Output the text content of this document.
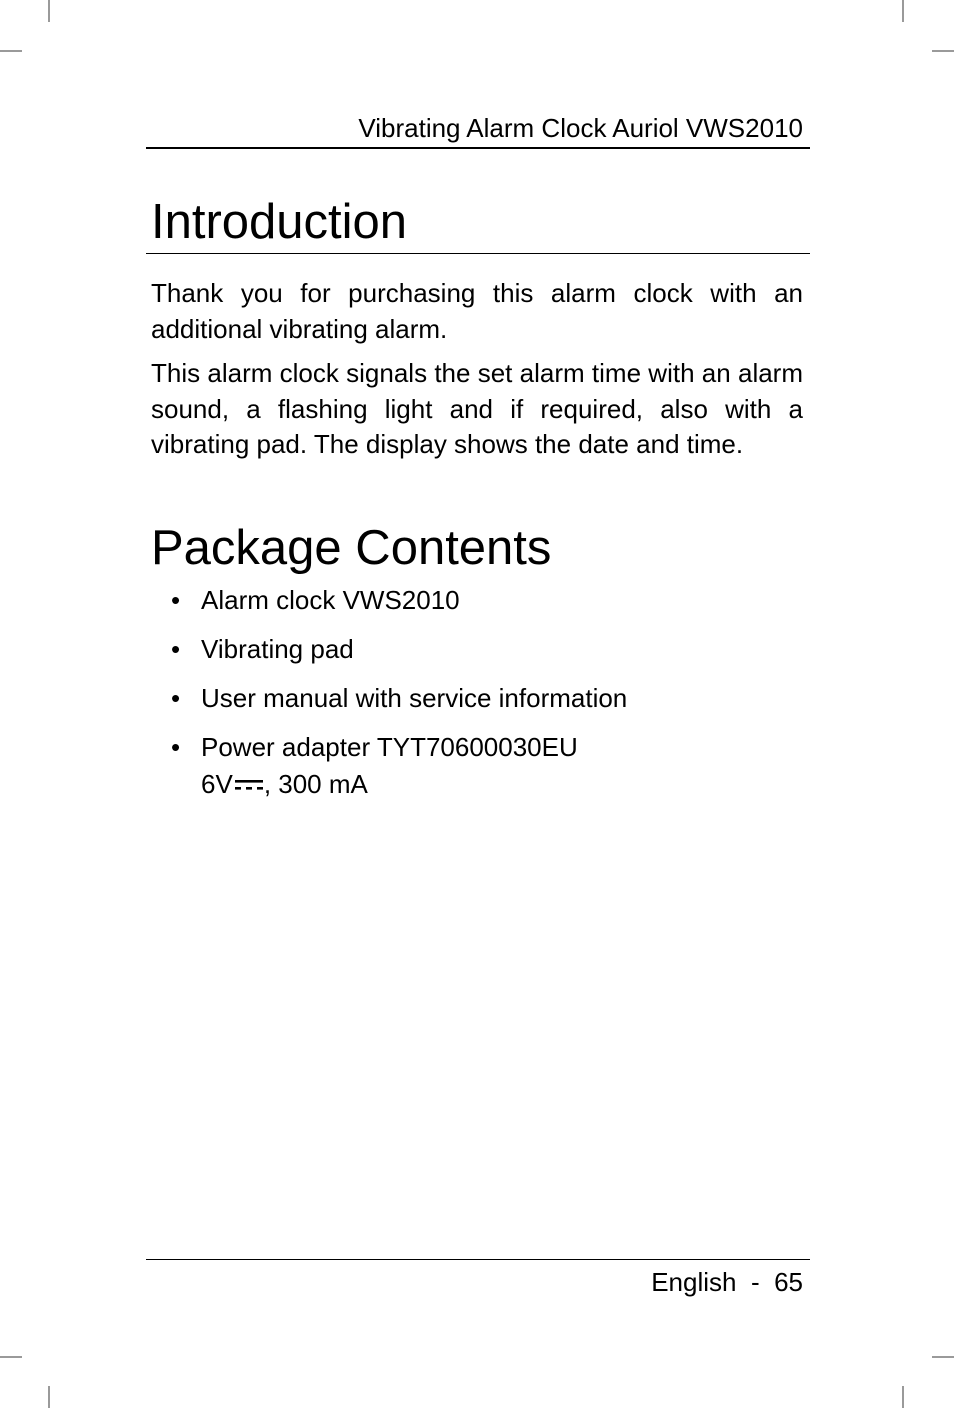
Vibrating Alarm Clock Auriol VWS2010
Introduction

Thank you for purchasing this alarm clock with an additional vibrating alarm.

This alarm clock signals the set alarm time with an alarm sound, a flashing light and if required, also with a vibrating pad. The display shows the date and time.

Package Contents
• Alarm clock VWS2010
• Vibrating pad
• User manual with service information
• Power adapter TYT70600030EU
6V , 300 mA
English - 65
